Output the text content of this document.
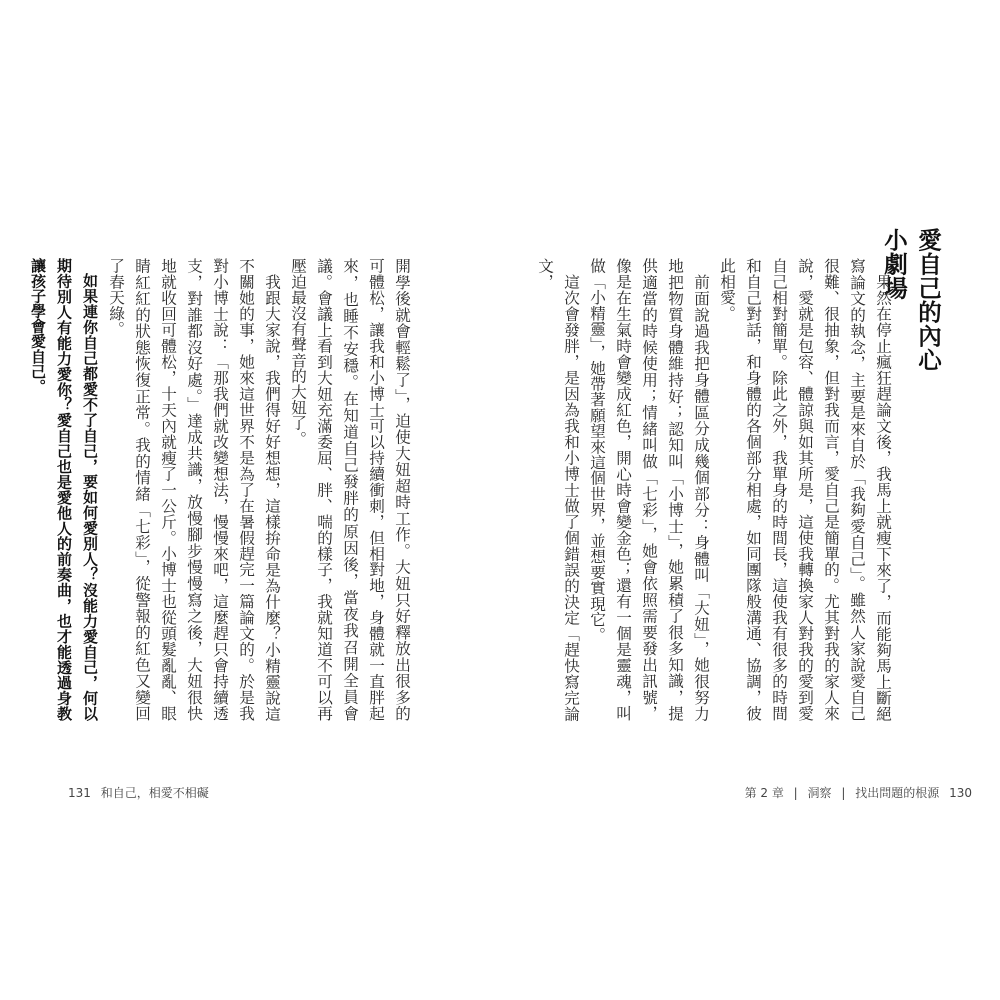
愛自己的內心小劇場

果然在停止瘋狂趕論文後，我馬上就瘦下來了，而能夠馬上斷絕寫論文的執念，主要是來自於「我夠愛自己」。雖然人家說愛自己很難、很抽象，但對我而言，愛自己是簡單的。尤其對我的家人來說，愛就是包容、體諒與如其所是，這使我轉換家人對我的愛到愛自己相對簡單。除此之外，我單身的時間長，這使我有很多的時間和自己對話，和身體的各個部分相處，如同團隊般溝通、協調，彼此相愛。

前面說過我把身體區分成幾個部分：身體叫「大妞」，她很努力地把物質身體維持好；認知叫「小博士」，她累積了很多知識，提供適當的時候使用；情緒叫做「七彩」，她會依照需要發出訊號，像是在生氣時會變成紅色，開心時會變金色；還有一個是靈魂，叫做「小精靈」，她帶著願望來這個世界，並想要實現它。

這次會發胖，是因為我和小博士做了個錯誤的決定「趕快寫完論文，

開學後就會輕鬆了」，迫使大妞超時工作。大妞只好釋放出很多的可體松，讓我和小博士可以持續衝刺，但相對地，身體就一直胖起來，也睡不安穩。在知道自己發胖的原因後，當夜我召開全員會議。會議上看到大妞充滿委屈、胖、喘的樣子，我就知道不可以再壓迫最沒有聲音的大妞了。

我跟大家說，我們得好好想想，這樣拚命是為什麼？小精靈說這不關她的事，她來這世界不是為了在暑假趕完一篇論文的。於是我對小博士說：「那我們就改變想法，慢慢來吧，這麼趕只會持續透支，對誰都沒好處。」達成共識，放慢腳步慢慢寫之後，大妞很快地就收回可體松，十天內就瘦了一公斤。小博士也從頭髮亂亂、眼睛紅紅的狀態恢復正常。我的情緒「七彩」，從警報的紅色又變回了春天綠。

如果連你自己都愛不了自己，要如何愛別人？沒能力愛自己，何以期待別人有能力愛你？愛自己也是愛他人的前奏曲，也才能透過身教讓孩子學會愛自己。

131 和自己，相愛不相礙	第 2 章 | 洞察 | 找出問題的根源 130
